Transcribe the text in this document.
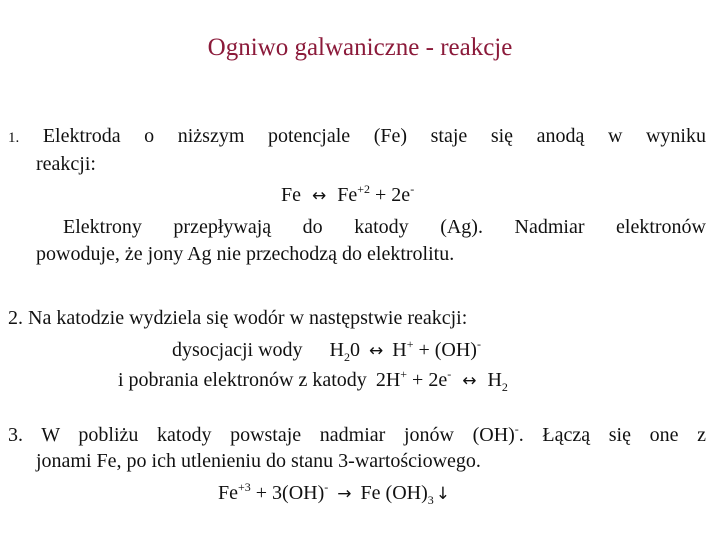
Ogniwo galwaniczne - reakcje
1. Elektroda o niższym potencjale (Fe) staje się anodą w wyniku
reakcji:
Fe ↔ $Fe^{+2} + 2e^-$
Elektrony przepływają do katody (Ag). Nadmiar elektronów
powoduje, że jony Ag nie przechodzą do elektrolitu.
2. Na katodzie wydziela się wodór w następstwie reakcji:
dysocjacji wody $H_20$ ↔ H+ + (OH)-
i pobrania elektronów z katody 2H+ + 2e- ↔ $H_2$
3. W pobliżu katody powstaje nadmiar jonów (OH)-. Łączą się one z
jonami Fe, po ich utlenieniu do stanu 3-wartościowego.
$Fe^{+3} + 3(OH)^- \to Fe$ $(OH)_3$ ↓
